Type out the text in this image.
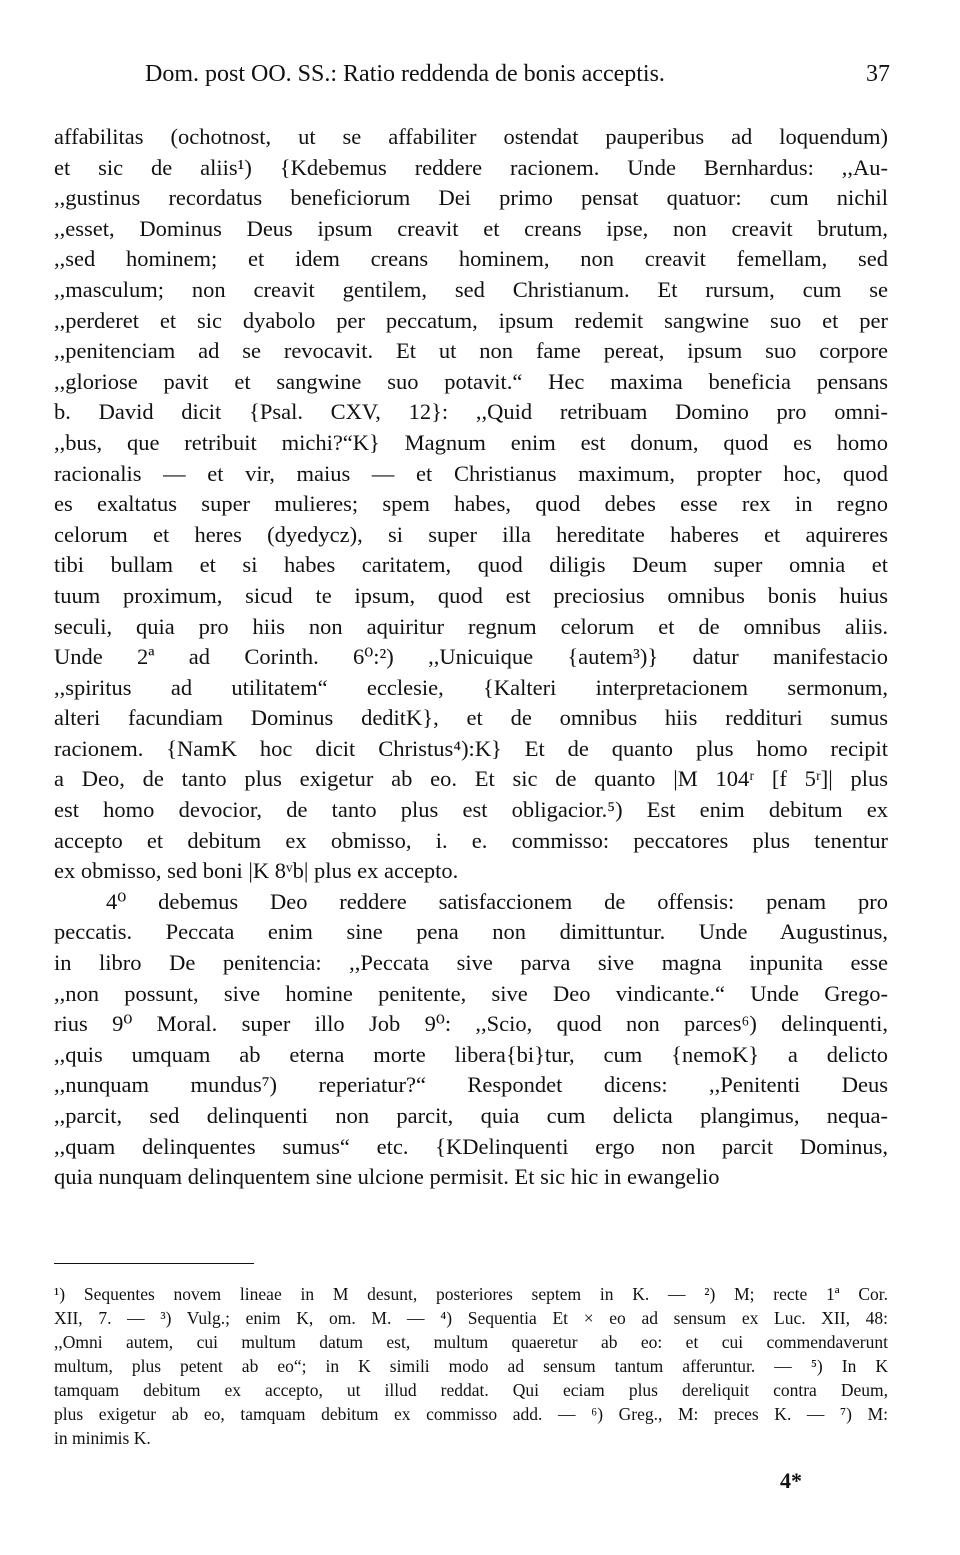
Dom. post OO. SS.: Ratio reddenda de bonis acceptis.	37
affabilitas (ochotnost, ut se affabiliter ostendat pauperibus ad loquendum)
et sic de aliis¹) {Kdebemus reddere racionem. Unde Bernhardus: ,,Au-
,,gustinus recordatus beneficiorum Dei primo pensat quatuor: cum nichil
,,esset, Dominus Deus ipsum creavit et creans ipse, non creavit brutum,
,,sed hominem; et idem creans hominem, non creavit femellam, sed
,,masculum; non creavit gentilem, sed Christianum. Et rursum, cum se
,,perderet et sic dyabolo per peccatum, ipsum redemit sangwine suo et per
,,penitenciam ad se revocavit. Et ut non fame pereat, ipsum suo corpore
,,gloriose pavit et sangwine suo potavit.“ Hec maxima beneficia pensans
b. David dicit {Psal. CXV, 12}: ,,Quid retribuam Domino pro omni-
,,bus, que retribuit michi?“K} Magnum enim est donum, quod es homo
racionalis — et vir, maius — et Christianus maximum, propter hoc, quod
es exaltatus super mulieres; spem habes, quod debes esse rex in regno
celorum et heres (dyedycz), si super illa hereditate haberes et aquireres
tibi bullam et si habes caritatem, quod diligis Deum super omnia et
tuum proximum, sicud te ipsum, quod est preciosius omnibus bonis huius
seculi, quia pro hiis non aquiritur regnum celorum et de omnibus aliis.
Unde 2ª ad Corinth. 6⁰:²) ,,Unicuique {autem³)} datur manifestacio
,,spiritus ad utilitatem“ ecclesie, {Kalteri interpretacionem sermonum,
alteri facundiam Dominus deditK}, et de omnibus hiis reddituri sumus
racionem. {NamK hoc dicit Christus⁴):K} Et de quanto plus homo recipit
a Deo, de tanto plus exigetur ab eo. Et sic de quanto |M 104ʳ [f 5ʳ]| plus
est homo devocior, de tanto plus est obligacior.⁵) Est enim debitum ex
accepto et debitum ex obmisso, i. e. commisso: peccatores plus tenentur
ex obmisso, sed boni |K 8ᵛb| plus ex accepto.
4⁰ debemus Deo reddere satisfaccionem de offensis: penam pro
peccatis. Peccata enim sine pena non dimittuntur. Unde Augustinus,
in libro De penitencia: ,,Peccata sive parva sive magna inpunita esse
,,non possunt, sive homine penitente, sive Deo vindicante.“ Unde Grego-
rius 9⁰ Moral. super illo Job 9⁰: ,,Scio, quod non parces⁶) delinquenti,
,,quis umquam ab eterna morte libera{bi}tur, cum {nemoK} a delicto
,,nunquam mundus⁷) reperiatur?“ Respondet dicens: ,,Penitenti Deus
,,parcit, sed delinquenti non parcit, quia cum delicta plangimus, nequa-
,,quam delinquentes sumus“ etc. {KDelinquenti ergo non parcit Dominus,
quia nunquam delinquentem sine ulcione permisit. Et sic hic in ewangelio
¹) Sequentes novem lineae in M desunt, posteriores septem in K. — ²) M; recte 1ª Cor.
XII, 7. — ³) Vulg.; enim K, om. M. — ⁴) Sequentia Et × eo ad sensum ex Luc. XII, 48:
,,Omni autem, cui multum datum est, multum quaeretur ab eo: et cui commendaverunt
multum, plus petent ab eo“; in K simili modo ad sensum tantum afferuntur. — ⁵) In K
tamquam debitum ex accepto, ut illud reddat. Qui eciam plus dereliquit contra Deum,
plus exigetur ab eo, tamquam debitum ex commisso add. — ⁶) Greg., M: preces K. — ⁷) M:
in minimis K.
4*
